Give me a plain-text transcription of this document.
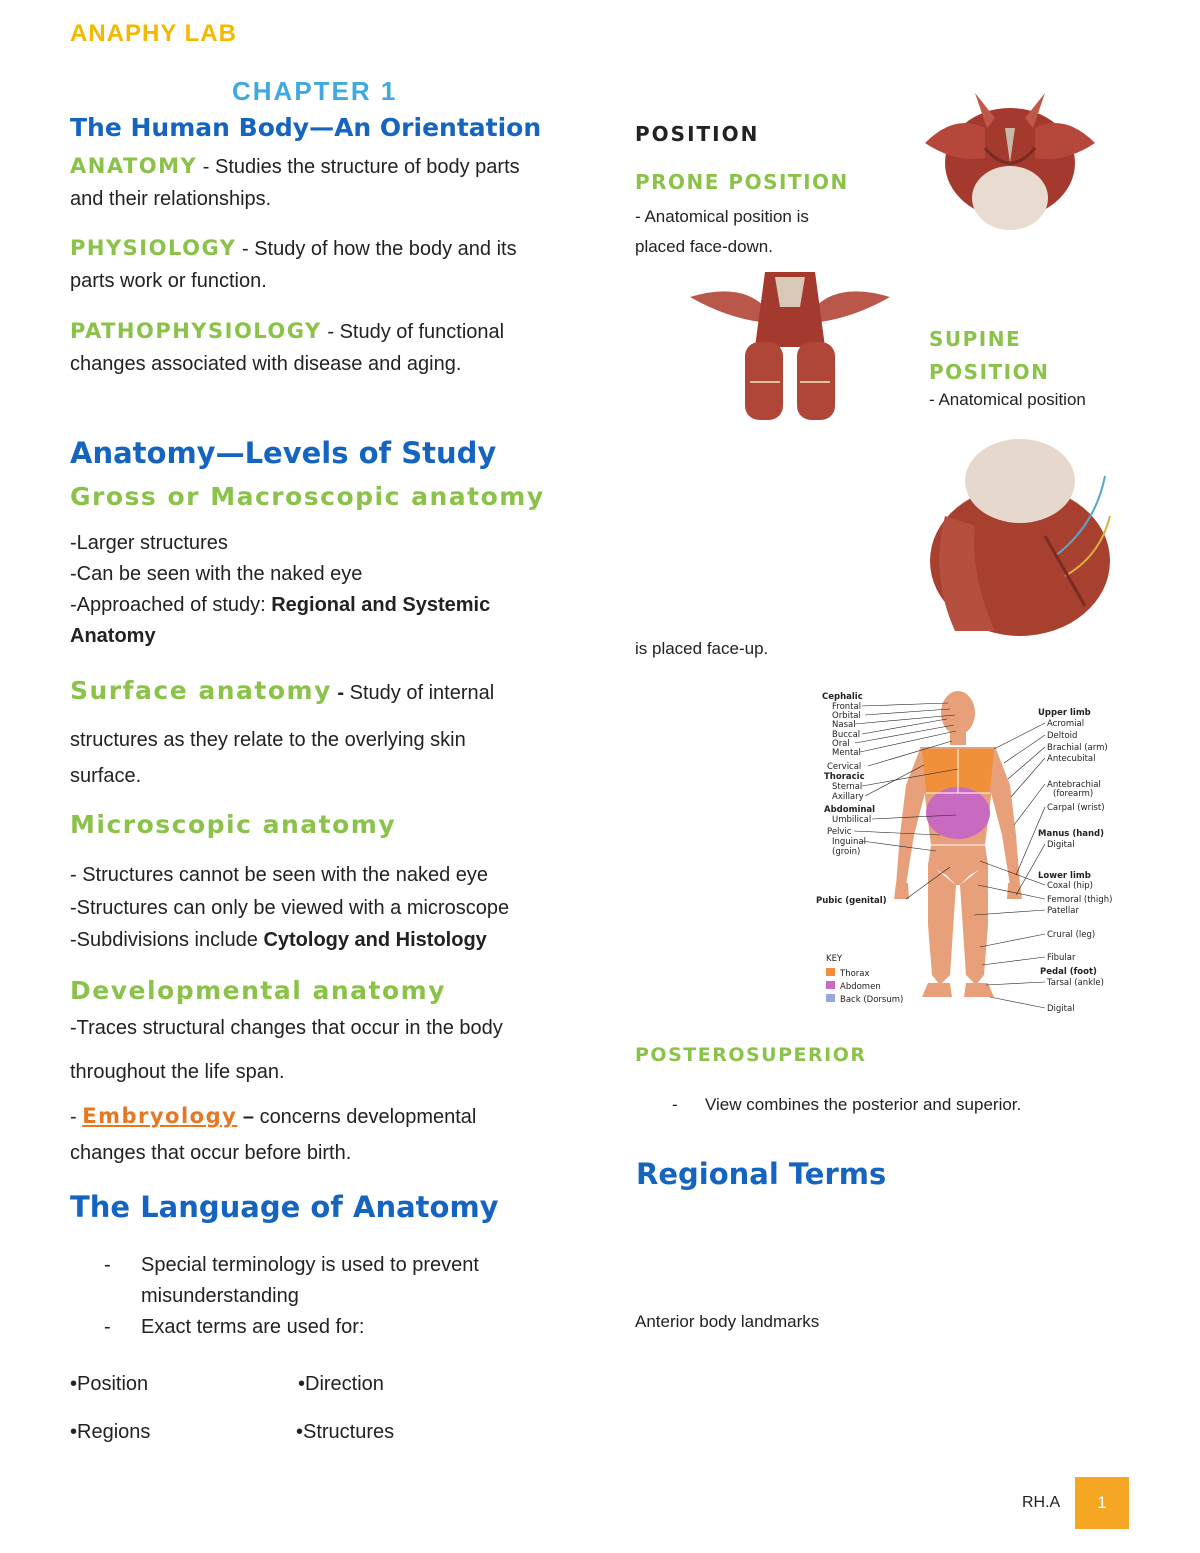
ANAPHY LAB
CHAPTER 1
The Human Body—An Orientation
ANATOMY - Studies the structure of body parts
and their relationships.
PHYSIOLOGY - Study of how the body and its
parts work or function.
PATHOPHYSIOLOGY - Study of functional
changes associated with disease and aging.
Anatomy—Levels of Study
Gross or Macroscopic anatomy
-Larger structures
-Can be seen with the naked eye
-Approached of study: Regional and Systemic
Anatomy
Surface anatomy - Study of internal
structures as they relate to the overlying skin
surface.
Microscopic anatomy
- Structures cannot be seen with the naked eye
-Structures can only be viewed with a microscope
-Subdivisions include Cytology and Histology
Developmental anatomy
-Traces structural changes that occur in the body
throughout the life span.
- Embryology – concerns developmental
changes that occur before birth.
The Language of Anatomy
- Special terminology is used to prevent
misunderstanding
- Exact terms are used for:
•Position	•Direction
•Regions	•Structures
POSITION
PRONE POSITION
- Anatomical position is
placed face-down.
SUPINE
POSITION
- Anatomical position
is placed face-up.
Cephalic
Frontal
Orbital
Nasal
Buccal
Oral
Mental
Cervical
Thoracic
Sternal
Axillary
Abdominal
Umbilical
Pelvic
Inguinal
(groin)
Pubic (genital)
Upper limb
Acromial
Deltoid
Brachial (arm)
Antecubital
Antebrachial
(forearm)
Carpal (wrist)
Manus (hand)
Digital
Lower limb
Coxal (hip)
Femoral (thigh)
Patellar
Crural (leg)
Fibular
Pedal (foot)
Tarsal (ankle)
Digital
KEY
Thorax
Abdomen
Back (Dorsum)
POSTEROSUPERIOR
- View combines the posterior and superior.
Regional Terms
Anterior body landmarks
RH.A 1
